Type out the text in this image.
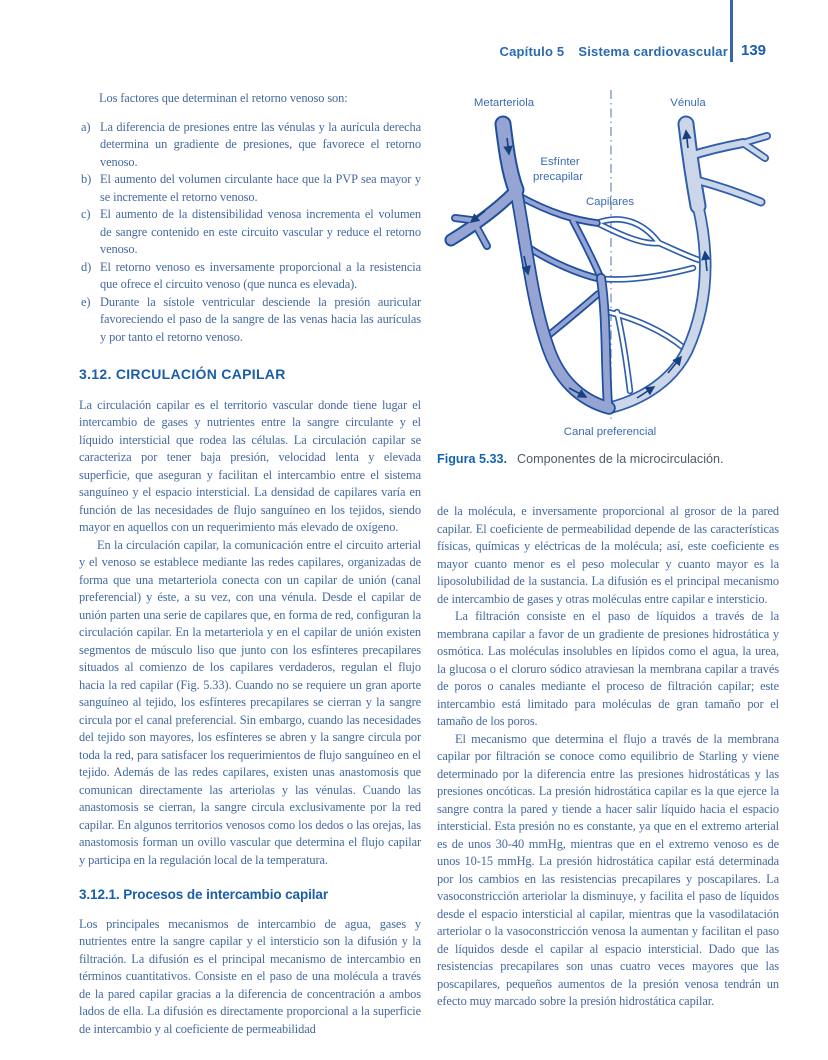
Capítulo 5 Sistema cardiovascular 139

Los factores que determinan el retorno venoso son:

a) La diferencia de presiones entre las vénulas y la aurícula derecha determina un gradiente de presiones, que favorece el retorno venoso.
b) El aumento del volumen circulante hace que la PVP sea mayor y se incremente el retorno venoso.
c) El aumento de la distensibilidad venosa incrementa el volumen de sangre contenido en este circuito vascular y reduce el retorno venoso.
d) El retorno venoso es inversamente proporcional a la resistencia que ofrece el circuito venoso (que nunca es elevada).
e) Durante la sístole ventricular desciende la presión auricular favoreciendo el paso de la sangre de las venas hacia las aurículas y por tanto el retorno venoso.
3.12. CIRCULACIÓN CAPILAR

La circulación capilar es el territorio vascular donde tiene lugar el intercambio de gases y nutrientes entre la sangre circulante y el líquido intersticial que rodea las células. La circulación capilar se caracteriza por tener baja presión, velocidad lenta y elevada superficie, que aseguran y facilitan el intercambio entre el sistema sanguíneo y el espacio intersticial. La densidad de capilares varía en función de las necesidades de flujo sanguíneo en los tejidos, siendo mayor en aquellos con un requerimiento más elevado de oxígeno.

En la circulación capilar, la comunicación entre el circuito arterial y el venoso se establece mediante las redes capilares, organizadas de forma que una metarteriola conecta con un capilar de unión (canal preferencial) y éste, a su vez, con una vénula. Desde el capilar de unión parten una serie de capilares que, en forma de red, configuran la circulación capilar. En la metarteriola y en el capilar de unión existen segmentos de músculo liso que junto con los esfínteres precapilares situados al comienzo de los capilares verdaderos, regulan el flujo hacia la red capilar (Fig. 5.33). Cuando no se requiere un gran aporte sanguíneo al tejido, los esfínteres precapilares se cierran y la sangre circula por el canal preferencial. Sin embargo, cuando las necesidades del tejido son mayores, los esfínteres se abren y la sangre circula por toda la red, para satisfacer los requerimientos de flujo sanguíneo en el tejido. Además de las redes capilares, existen unas anastomosis que comunican directamente las arteriolas y las vénulas. Cuando las anastomosis se cierran, la sangre circula exclusivamente por la red capilar. En algunos territorios venosos como los dedos o las orejas, las anastomosis forman un ovillo vascular que determina el flujo capilar y participa en la regulación local de la temperatura.

3.12.1. Procesos de intercambio capilar

Los principales mecanismos de intercambio de agua, gases y nutrientes entre la sangre capilar y el intersticio son la difusión y la filtración. La difusión es el principal mecanismo de intercambio en términos cuantitativos. Consiste en el paso de una molécula a través de la pared capilar gracias a la diferencia de concentración a ambos lados de ella. La difusión es directamente proporcional a la superficie de intercambio y al coeficiente de permeabilidad

Metarteriola	Vénula
Esfínter
precapilar
Capilares
Canal preferencial
Figura 5.33. Componentes de la microcirculación.

de la molécula, e inversamente proporcional al grosor de la pared capilar. El coeficiente de permeabilidad depende de las características físicas, químicas y eléctricas de la molécula; así, este coeficiente es mayor cuanto menor es el peso molecular y cuanto mayor es la liposolubilidad de la sustancia. La difusión es el principal mecanismo de intercambio de gases y otras moléculas entre capilar e intersticio.

La filtración consiste en el paso de líquidos a través de la membrana capilar a favor de un gradiente de presiones hidrostática y osmótica. Las moléculas insolubles en lípidos como el agua, la urea, la glucosa o el cloruro sódico atraviesan la membrana capilar a través de poros o canales mediante el proceso de filtración capilar; este intercambio está limitado para moléculas de gran tamaño por el tamaño de los poros.

El mecanismo que determina el flujo a través de la membrana capilar por filtración se conoce como equilibrio de Starling y viene determinado por la diferencia entre las presiones hidrostáticas y las presiones oncóticas. La presión hidrostática capilar es la que ejerce la sangre contra la pared y tiende a hacer salir líquido hacia el espacio intersticial. Esta presión no es constante, ya que en el extremo arterial es de unos 30-40 mmHg, mientras que en el extremo venoso es de unos 10-15 mmHg. La presión hidrostática capilar está determinada por los cambios en las resistencias precapilares y poscapilares. La vasoconstricción arteriolar la disminuye, y facilita el paso de líquidos desde el espacio intersticial al capilar, mientras que la vasodilatación arteriolar o la vasoconstricción venosa la aumentan y facilitan el paso de líquidos desde el capilar al espacio intersticial. Dado que las resistencias precapilares son unas cuatro veces mayores que las poscapilares, pequeños aumentos de la presión venosa tendrán un efecto muy marcado sobre la presión hidrostática capilar.
